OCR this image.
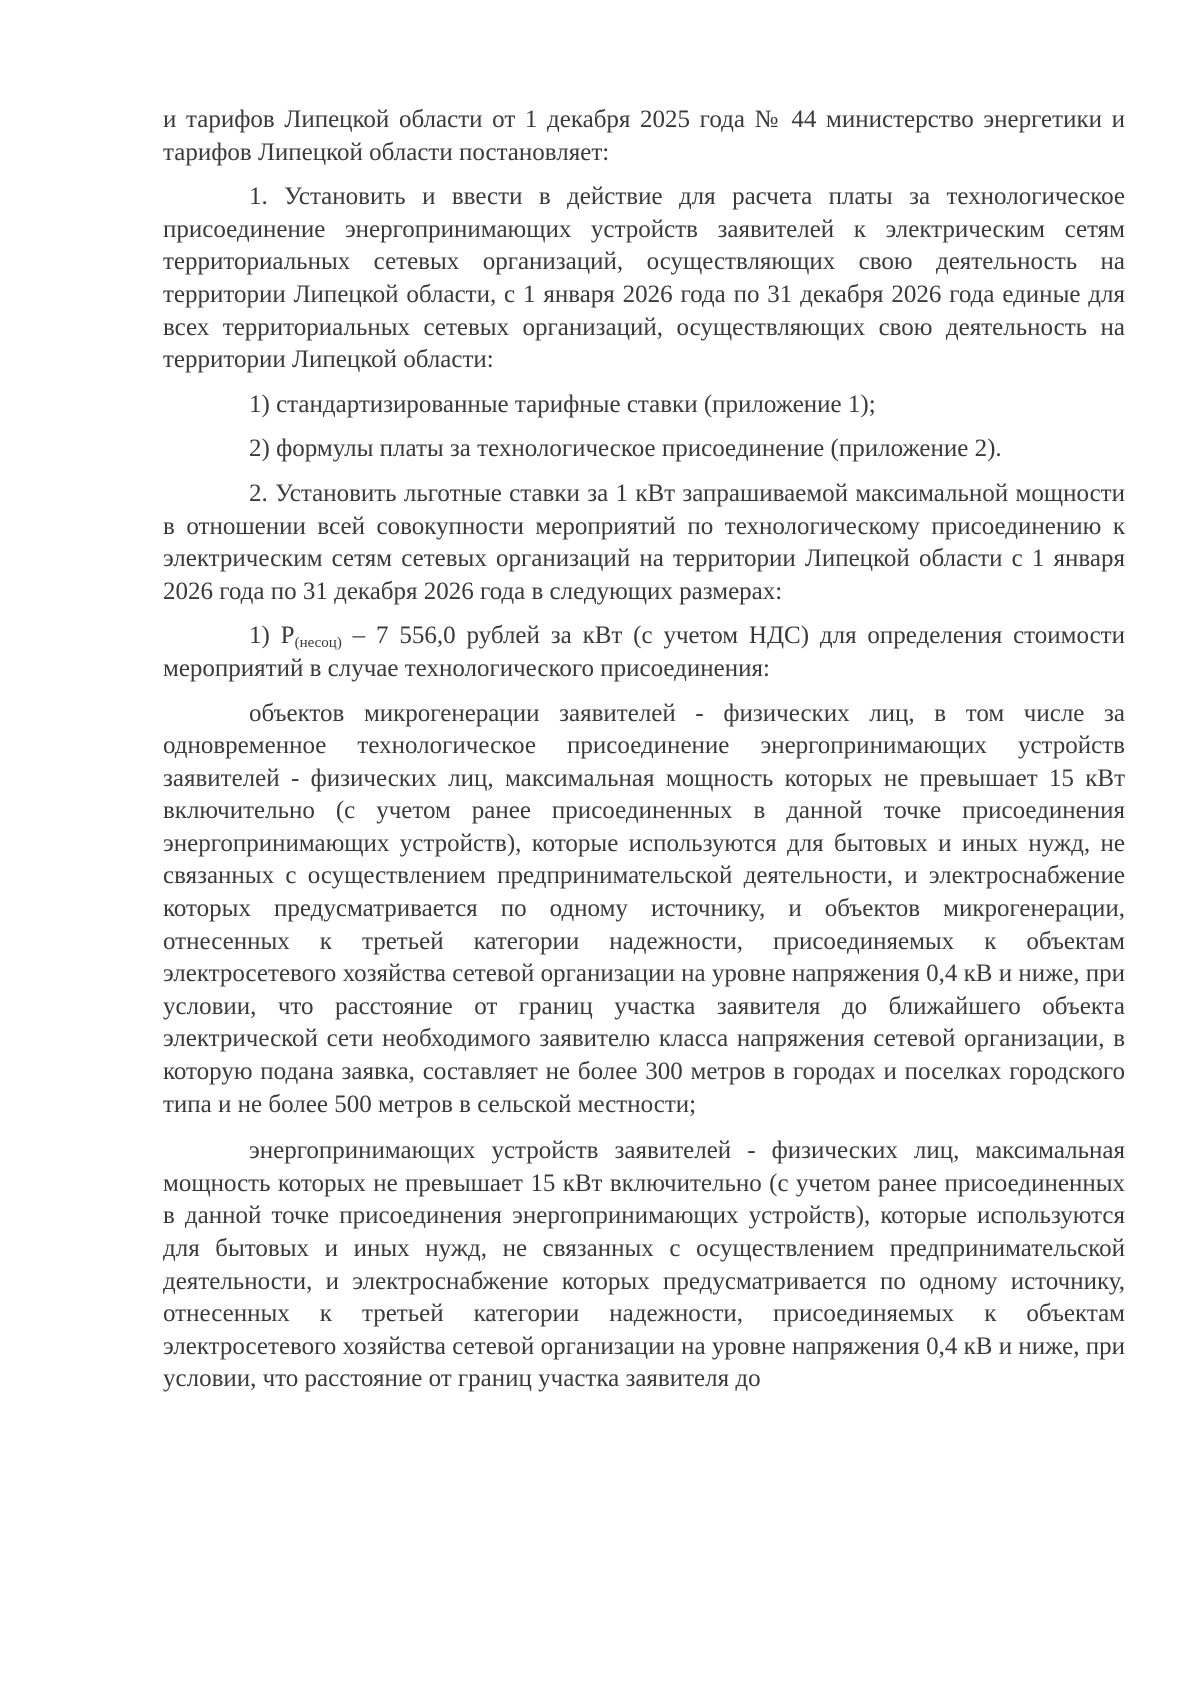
и тарифов Липецкой области от 1 декабря 2025 года № 44 министерство энергетики и тарифов Липецкой области постановляет:

1. Установить и ввести в действие для расчета платы за технологическое присоединение энергопринимающих устройств заявителей к электрическим сетям территориальных сетевых организаций, осуществляющих свою деятельность на территории Липецкой области, с 1 января 2026 года по 31 декабря 2026 года единые для всех территориальных сетевых организаций, осуществляющих свою деятельность на территории Липецкой области:

1) стандартизированные тарифные ставки (приложение 1);

2) формулы платы за технологическое присоединение (приложение 2).

2. Установить льготные ставки за 1 кВт запрашиваемой максимальной мощности в отношении всей совокупности мероприятий по технологическому присоединению к электрическим сетям сетевых организаций на территории Липецкой области с 1 января 2026 года по 31 декабря 2026 года в следующих размерах:

1) $P_{(несоц)} - 7$ 556,0 рублей за кВт (с учетом НДС) для определения стоимости мероприятий в случае технологического присоединения:

объектов микрогенерации заявителей - физических лиц, в том числе за одновременное технологическое присоединение энергопринимающих устройств заявителей - физических лиц, максимальная мощность которых не превышает 15 кВт включительно (с учетом ранее присоединенных в данной точке присоединения энергопринимающих устройств), которые используются для бытовых и иных нужд, не связанных с осуществлением предпринимательской деятельности, и электроснабжение которых предусматривается по одному источнику, и объектов микрогенерации, отнесенных к третьей категории надежности, присоединяемых к объектам электросетевого хозяйства сетевой организации на уровне напряжения 0,4 кВ и ниже, при условии, что расстояние от границ участка заявителя до ближайшего объекта электрической сети необходимого заявителю класса напряжения сетевой организации, в которую подана заявка, составляет не более 300 метров в городах и поселках городского типа и не более 500 метров в сельской местности;

энергопринимающих устройств заявителей - физических лиц, максимальная мощность которых не превышает 15 кВт включительно (с учетом ранее присоединенных в данной точке присоединения энергопринимающих устройств), которые используются для бытовых и иных нужд, не связанных с осуществлением предпринимательской деятельности, и электроснабжение которых предусматривается по одному источнику, отнесенных к третьей категории надежности, присоединяемых к объектам электросетевого хозяйства сетевой организации на уровне напряжения 0,4 кВ и ниже, при условии, что расстояние от границ участка заявителя до
